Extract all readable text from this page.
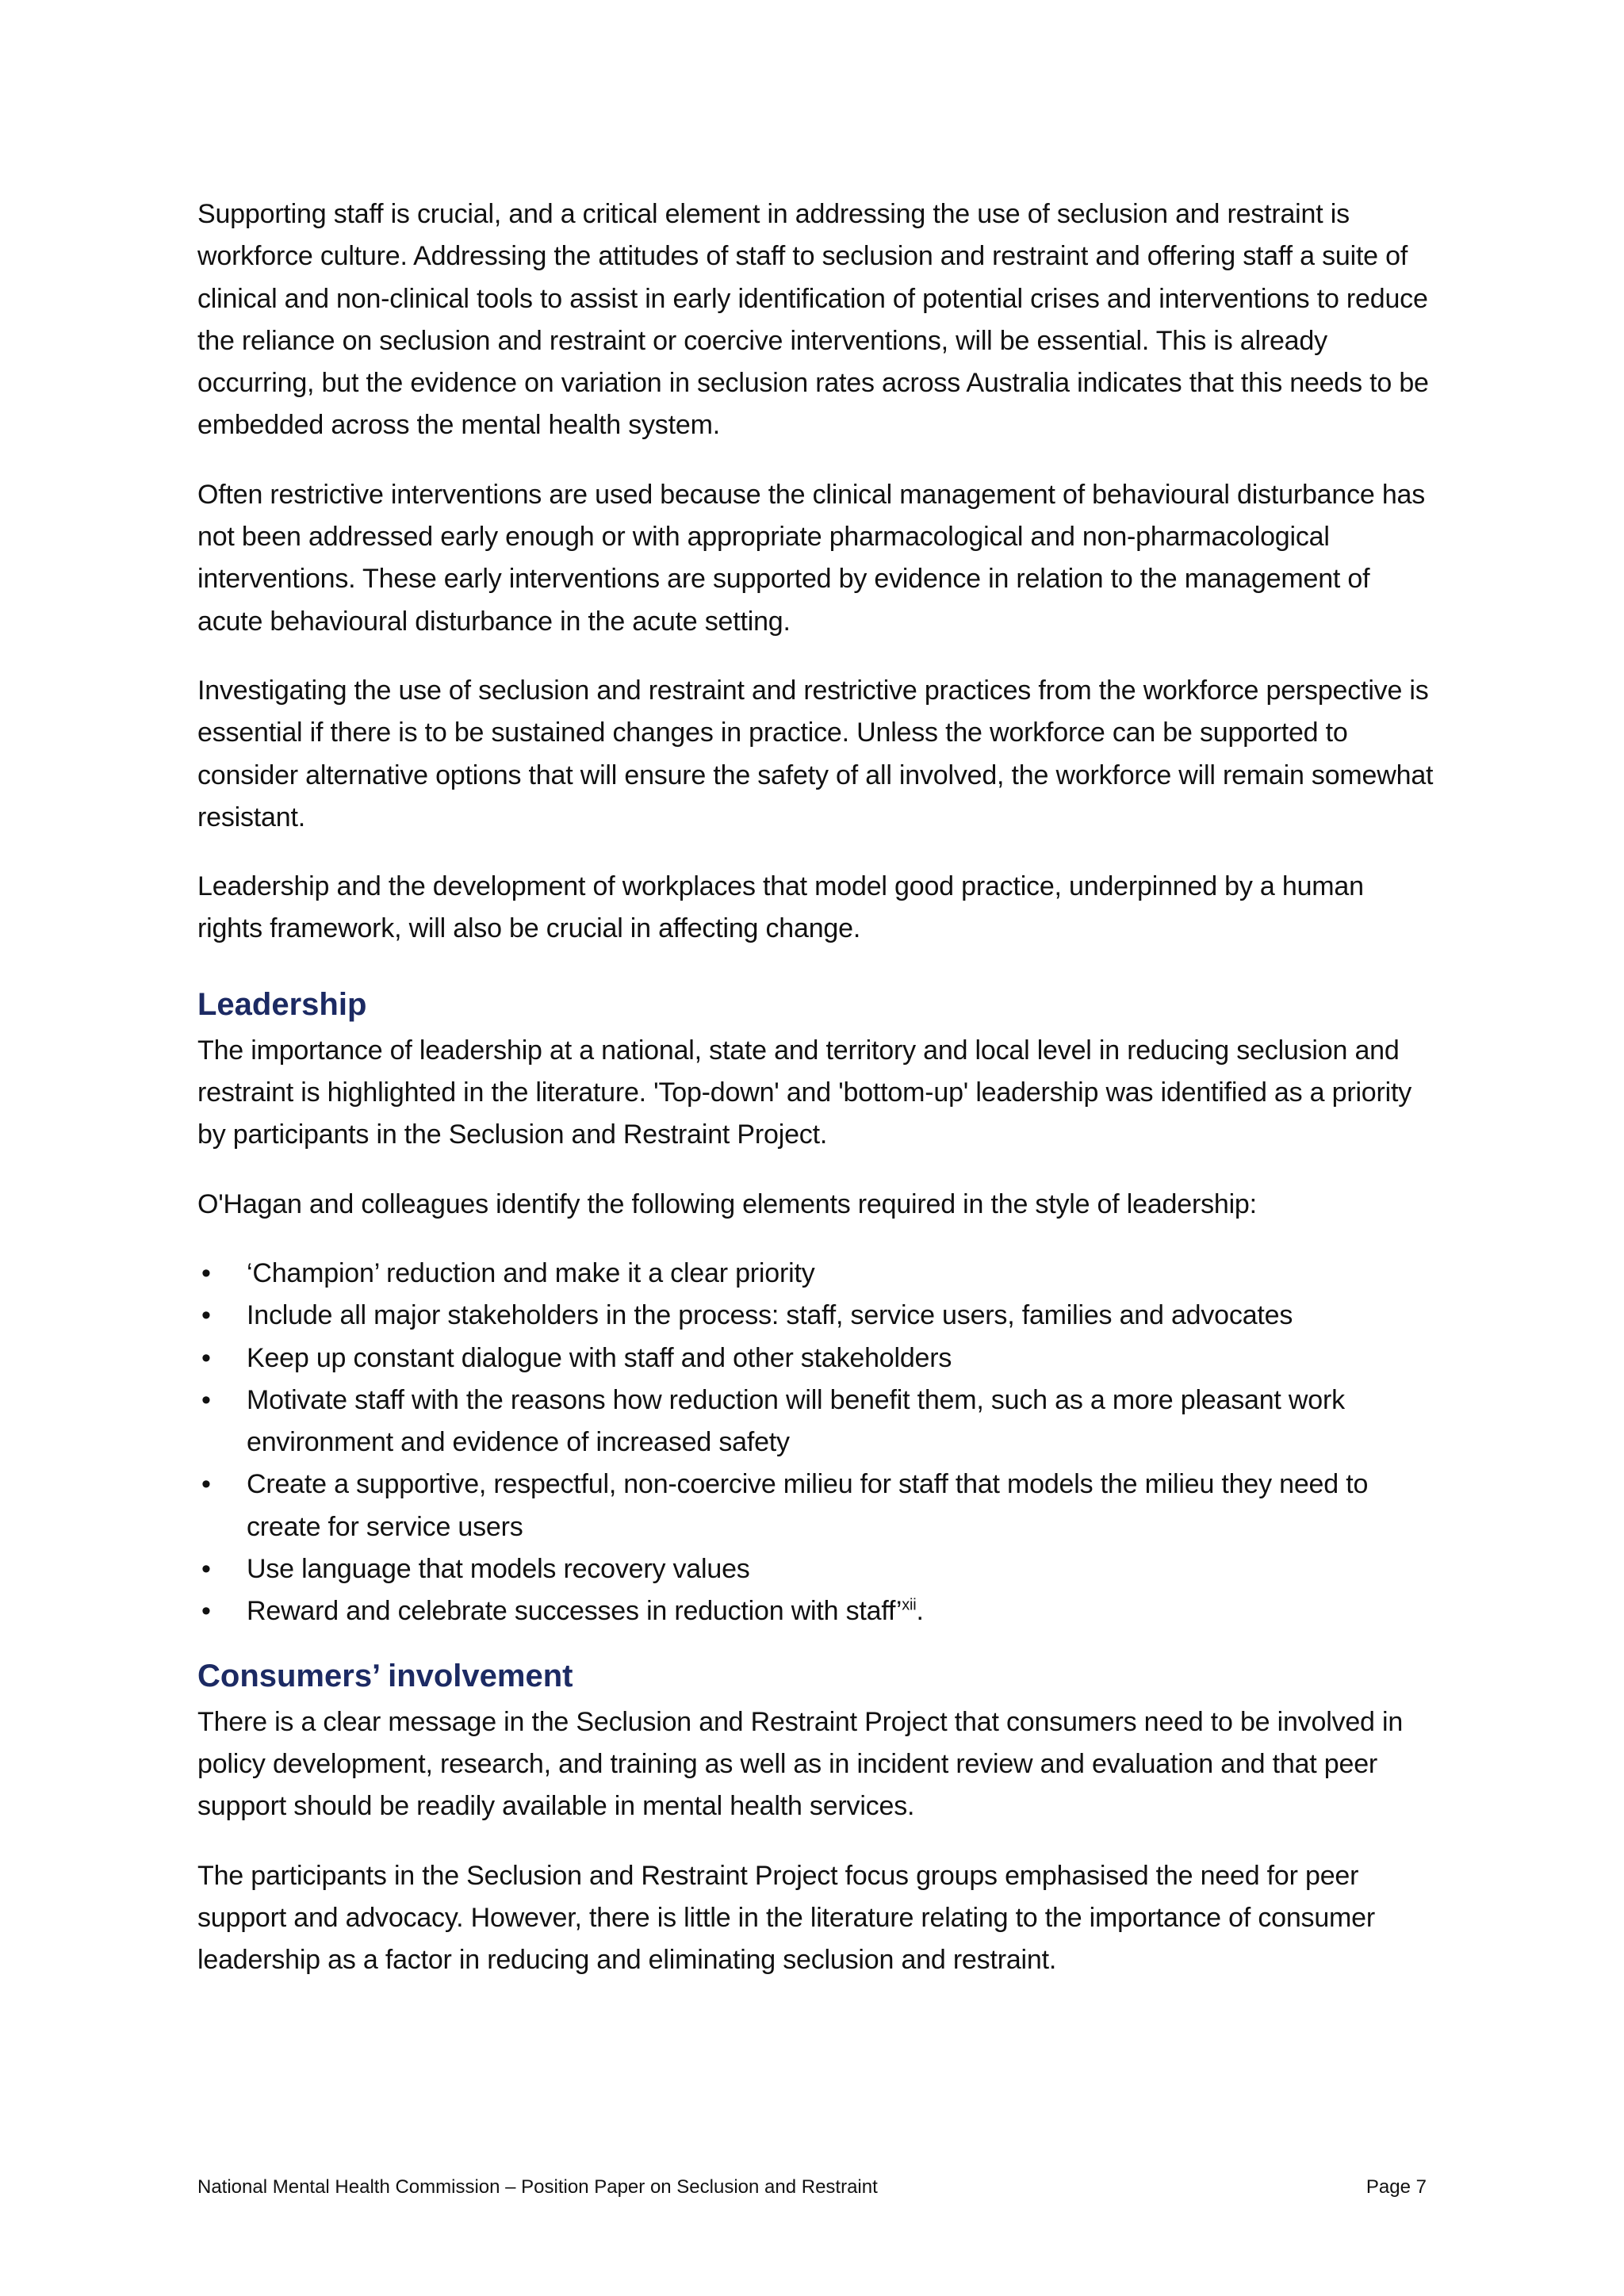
Supporting staff is crucial, and a critical element in addressing the use of seclusion and restraint is workforce culture. Addressing the attitudes of staff to seclusion and restraint and offering staff a suite of clinical and non-clinical tools to assist in early identification of potential crises and interventions to reduce the reliance on seclusion and restraint or coercive interventions, will be essential. This is already occurring, but the evidence on variation in seclusion rates across Australia indicates that this needs to be embedded across the mental health system.

Often restrictive interventions are used because the clinical management of behavioural disturbance has not been addressed early enough or with appropriate pharmacological and non-pharmacological interventions. These early interventions are supported by evidence in relation to the management of acute behavioural disturbance in the acute setting.

Investigating the use of seclusion and restraint and restrictive practices from the workforce perspective is essential if there is to be sustained changes in practice. Unless the workforce can be supported to consider alternative options that will ensure the safety of all involved, the workforce will remain somewhat resistant.

Leadership and the development of workplaces that model good practice, underpinned by a human rights framework, will also be crucial in affecting change.

Leadership

The importance of leadership at a national, state and territory and local level in reducing seclusion and restraint is highlighted in the literature. 'Top-down' and 'bottom-up' leadership was identified as a priority by participants in the Seclusion and Restraint Project.

O'Hagan and colleagues identify the following elements required in the style of leadership:

• ‘Champion’ reduction and make it a clear priority
• Include all major stakeholders in the process: staff, service users, families and advocates
• Keep up constant dialogue with staff and other stakeholders
• Motivate staff with the reasons how reduction will benefit them, such as a more pleasant work environment and evidence of increased safety
• Create a supportive, respectful, non-coercive milieu for staff that models the milieu they need to create for service users
• Use language that models recovery values
• Reward and celebrate successes in reduction with staff’$^{xii}$.
Consumers’ involvement

There is a clear message in the Seclusion and Restraint Project that consumers need to be involved in policy development, research, and training as well as in incident review and evaluation and that peer support should be readily available in mental health services.

The participants in the Seclusion and Restraint Project focus groups emphasised the need for peer support and advocacy. However, there is little in the literature relating to the importance of consumer leadership as a factor in reducing and eliminating seclusion and restraint.

National Mental Health Commission – Position Paper on Seclusion and Restraint	Page 7
